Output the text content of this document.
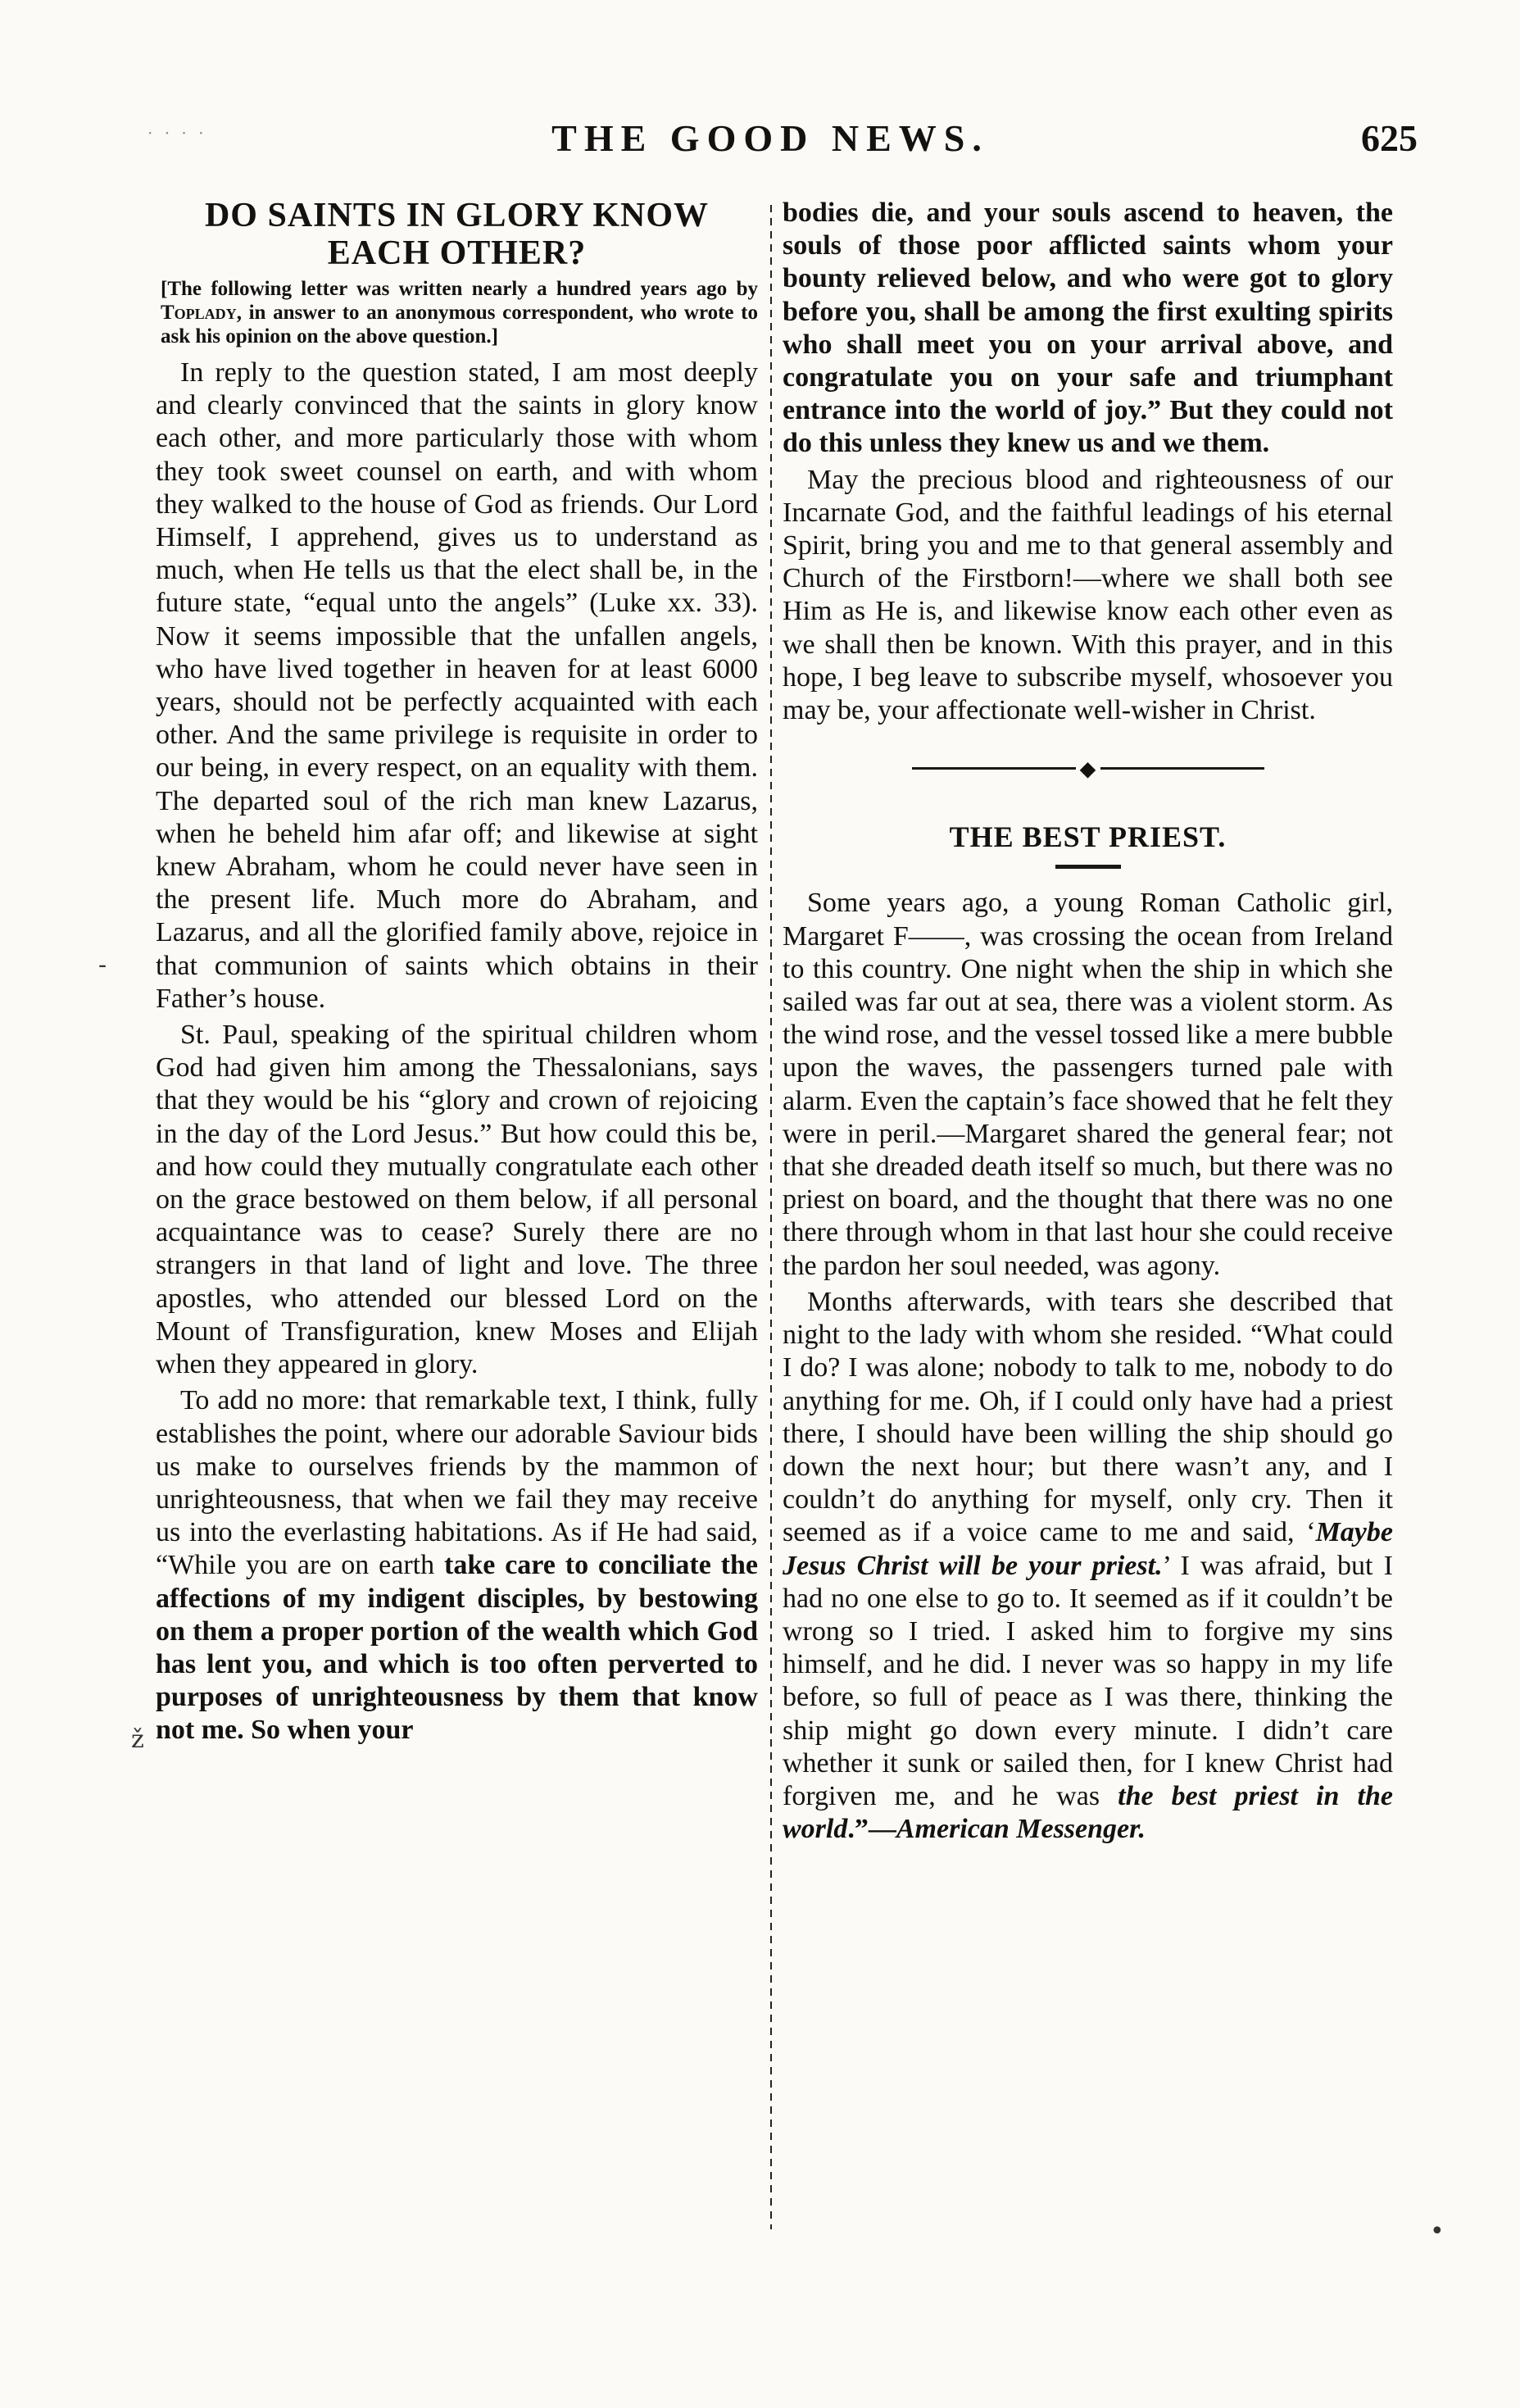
· · · ·	THE GOOD NEWS.	625
-
ž
•
DO SAINTS IN GLORY KNOW EACH OTHER?

[The following letter was written nearly a hundred years ago by Toplady, in answer to an anonymous correspondent, who wrote to ask his opinion on the above question.]

In reply to the question stated, I am most deeply and clearly convinced that the saints in glory know each other, and more particularly those with whom they took sweet counsel on earth, and with whom they walked to the house of God as friends. Our Lord Himself, I apprehend, gives us to understand as much, when He tells us that the elect shall be, in the future state, “equal unto the angels” (Luke xx. 33). Now it seems impossible that the unfallen angels, who have lived together in heaven for at least 6000 years, should not be perfectly acquainted with each other. And the same privilege is requisite in order to our being, in every respect, on an equality with them. The departed soul of the rich man knew Lazarus, when he beheld him afar off; and likewise at sight knew Abraham, whom he could never have seen in the present life. Much more do Abraham, and Lazarus, and all the glorified family above, rejoice in that communion of saints which obtains in their Father’s house.

St. Paul, speaking of the spiritual children whom God had given him among the Thessalonians, says that they would be his “glory and crown of rejoicing in the day of the Lord Jesus.” But how could this be, and how could they mutually congratulate each other on the grace bestowed on them below, if all personal acquaintance was to cease? Surely there are no strangers in that land of light and love. The three apostles, who attended our blessed Lord on the Mount of Transfiguration, knew Moses and Elijah when they appeared in glory.

To add no more: that remarkable text, I think, fully establishes the point, where our adorable Saviour bids us make to ourselves friends by the mammon of unrighteousness, that when we fail they may receive us into the everlasting habitations. As if He had said, “While you are on earth take care to conciliate the affections of my indigent disciples, by bestowing on them a proper portion of the wealth which God has lent you, and which is too often perverted to purposes of unrighteousness by them that know not me. So when your

bodies die, and your souls ascend to heaven, the souls of those poor afflicted saints whom your bounty relieved below, and who were got to glory before you, shall be among the first exulting spirits who shall meet you on your arrival above, and congratulate you on your safe and triumphant entrance into the world of joy.” But they could not do this unless they knew us and we them.

May the precious blood and righteousness of our Incarnate God, and the faithful leadings of his eternal Spirit, bring you and me to that general assembly and Church of the Firstborn!—where we shall both see Him as He is, and likewise know each other even as we shall then be known. With this prayer, and in this hope, I beg leave to subscribe myself, whosoever you may be, your affectionate well-wisher in Christ.

◆
THE BEST PRIEST.

Some years ago, a young Roman Catholic girl, Margaret F——, was crossing the ocean from Ireland to this country. One night when the ship in which she sailed was far out at sea, there was a violent storm. As the wind rose, and the vessel tossed like a mere bubble upon the waves, the passengers turned pale with alarm. Even the captain’s face showed that he felt they were in peril.—Margaret shared the general fear; not that she dreaded death itself so much, but there was no priest on board, and the thought that there was no one there through whom in that last hour she could receive the pardon her soul needed, was agony.

Months afterwards, with tears she described that night to the lady with whom she resided. “What could I do? I was alone; nobody to talk to me, nobody to do anything for me. Oh, if I could only have had a priest there, I should have been willing the ship should go down the next hour; but there wasn’t any, and I couldn’t do anything for myself, only cry. Then it seemed as if a voice came to me and said, ‘Maybe Jesus Christ will be your priest.’ I was afraid, but I had no one else to go to. It seemed as if it couldn’t be wrong so I tried. I asked him to forgive my sins himself, and he did. I never was so happy in my life before, so full of peace as I was there, thinking the ship might go down every minute. I didn’t care whether it sunk or sailed then, for I knew Christ had forgiven me, and he was the best priest in the world.”—American Messenger.
